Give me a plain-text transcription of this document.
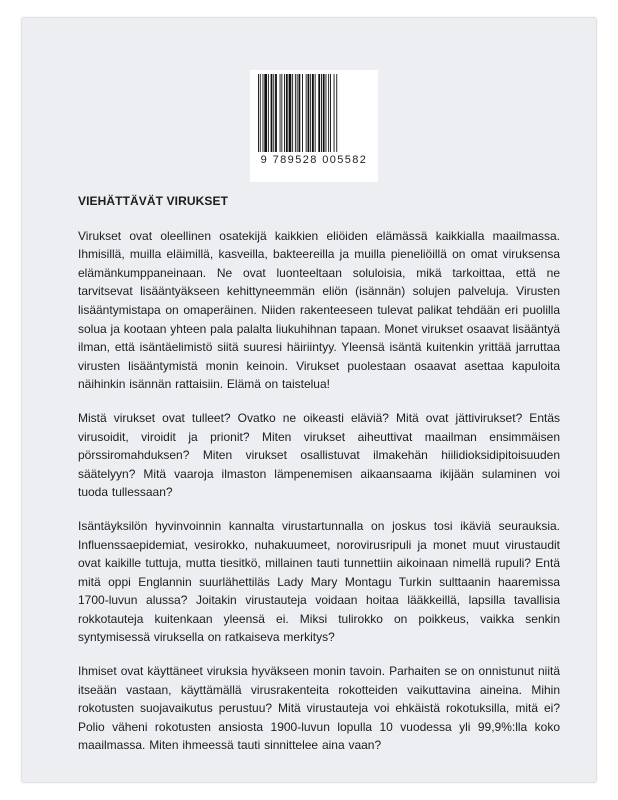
9 789528 005582
VIEHÄTTÄVÄT VIRUKSET

Virukset ovat oleellinen osatekijä kaikkien eliöiden elämässä kaikkialla maailmassa. Ihmisillä, muilla eläimillä, kasveilla, bakteereilla ja muilla pieneliöillä on omat viruksensa elämänkumppaneinaan. Ne ovat luonteeltaan soluloisia, mikä tarkoittaa, että ne tarvitsevat lisääntyäkseen kehittyneemmän eliön (isännän) solujen palveluja. Virusten lisääntymistapa on omaperäinen. Niiden rakenteeseen tulevat palikat tehdään eri puolilla solua ja kootaan yhteen pala palalta liukuhihnan tapaan. Monet virukset osaavat lisääntyä ilman, että isäntäelimistö siitä suuresi häiriintyy. Yleensä isäntä kuitenkin yrittää jarruttaa virusten lisääntymistä monin keinoin. Virukset puolestaan osaavat asettaa kapuloita näihinkin isännän rattaisiin. Elämä on taistelua!

Mistä virukset ovat tulleet? Ovatko ne oikeasti eläviä? Mitä ovat jättivirukset? Entäs virusoidit, viroidit ja prionit? Miten virukset aiheuttivat maailman ensimmäisen pörssiromahduksen? Miten virukset osallistuvat ilmakehän hiilidioksidipitoisuuden säätelyyn? Mitä vaaroja ilmaston lämpenemisen aikaansaama ikijään sulaminen voi tuoda tullessaan?

Isäntäyksilön hyvinvoinnin kannalta virustartunnalla on joskus tosi ikäviä seurauksia. Influenssaepidemiat, vesirokko, nuhakuumeet, norovirusripuli ja monet muut virustaudit ovat kaikille tuttuja, mutta tiesitkö, millainen tauti tunnettiin aikoinaan nimellä rupuli? Entä mitä oppi Englannin suurlähettiläs Lady Mary Montagu Turkin sulttaanin haaremissa 1700-luvun alussa? Joitakin virustauteja voidaan hoitaa lääkkeillä, lapsilla tavallisia rokkotauteja kuitenkaan yleensä ei. Miksi tulirokko on poikkeus, vaikka senkin syntymisessä viruksella on ratkaiseva merkitys?

Ihmiset ovat käyttäneet viruksia hyväkseen monin tavoin. Parhaiten se on onnistunut niitä itseään vastaan, käyttämällä virusrakenteita rokotteiden vaikuttavina aineina. Mihin rokotusten suojavaikutus perustuu? Mitä virustauteja voi ehkäistä rokotuksilla, mitä ei? Polio väheni rokotusten ansiosta 1900-luvun lopulla 10 vuodessa yli 99,9%:lla koko maailmassa. Miten ihmeessä tauti sinnittelee aina vaan?
